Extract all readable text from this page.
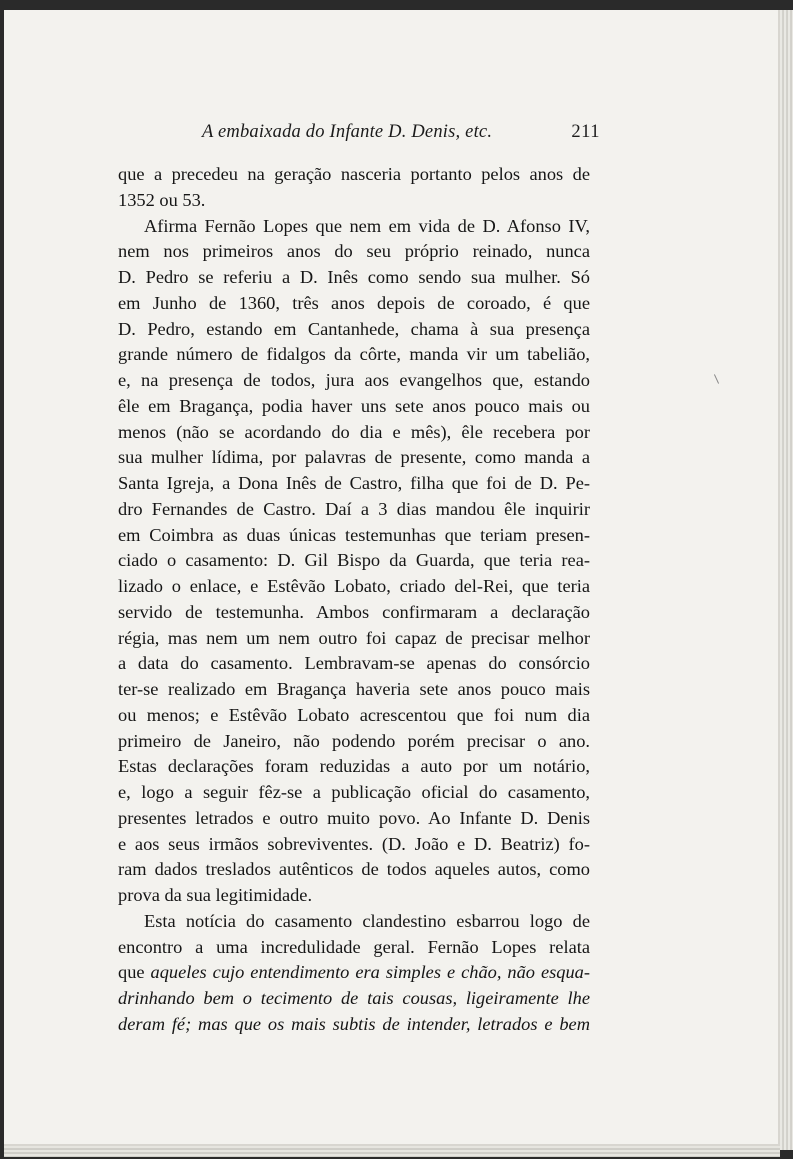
A embaixada do Infante D. Denis, etc.	211
que a precedeu na geração nasceria portanto pelos anos de
1352 ou 53.
Afirma Fernão Lopes que nem em vida de D. Afonso IV,
nem nos primeiros anos do seu próprio reinado, nunca
D. Pedro se referiu a D. Inês como sendo sua mulher. Só
em Junho de 1360, três anos depois de coroado, é que
D. Pedro, estando em Cantanhede, chama à sua presença
grande número de fidalgos da côrte, manda vir um tabelião,
e, na presença de todos, jura aos evangelhos que, estando
êle em Bragança, podia haver uns sete anos pouco mais ou
menos (não se acordando do dia e mês), êle recebera por
sua mulher lídima, por palavras de presente, como manda a
Santa Igreja, a Dona Inês de Castro, filha que foi de D. Pe-
dro Fernandes de Castro. Daí a 3 dias mandou êle inquirir
em Coimbra as duas únicas testemunhas que teriam presen-
ciado o casamento: D. Gil Bispo da Guarda, que teria rea-
lizado o enlace, e Estêvão Lobato, criado del-Rei, que teria
servido de testemunha. Ambos confirmaram a declaração
régia, mas nem um nem outro foi capaz de precisar melhor
a data do casamento. Lembravam-se apenas do consórcio
ter-se realizado em Bragança haveria sete anos pouco mais
ou menos; e Estêvão Lobato acrescentou que foi num dia
primeiro de Janeiro, não podendo porém precisar o ano.
Estas declarações foram reduzidas a auto por um notário,
e, logo a seguir fêz-se a publicação oficial do casamento,
presentes letrados e outro muito povo. Ao Infante D. Denis
e aos seus irmãos sobreviventes. (D. João e D. Beatriz) fo-
ram dados treslados autênticos de todos aqueles autos, como
prova da sua legitimidade.
Esta notícia do casamento clandestino esbarrou logo de
encontro a uma incredulidade geral. Fernão Lopes relata
que aqueles cujo entendimento era simples e chão, não esqua-
drinhando bem o tecimento de tais cousas, ligeiramente lhe
deram fé; mas que os mais subtis de intender, letrados e bem
